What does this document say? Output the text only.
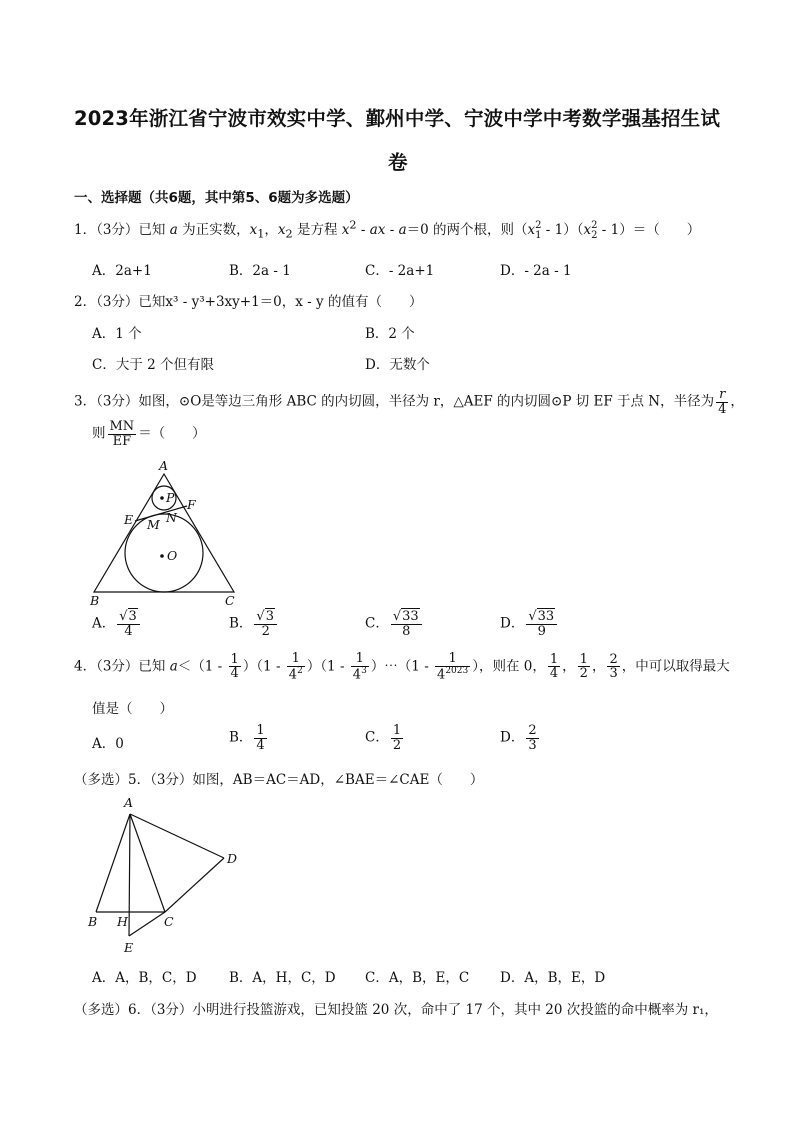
2023年浙江省宁波市效实中学、鄞州中学、宁波中学中考数学强基招生试
卷
一、选择题（共6题，其中第5、6题为多选题）
1．（3分）已知 a 为正实数，$x_1$，$x_2$ 是方程 $x^2$ - ax - a＝0 的两个根，则（x 2
1 - 1）（x 2
2 - 1）＝（　　）
A．2a+1	B．2a - 1	C．- 2a+1	D．- 2a - 1
2．（3分）已知x³ - y³+3xy+1＝0，x - y 的值有（　　）
A．1 个	B．2 个
C．大于 2 个但有限	D．无数个
3．（3分）如图，⊙O是等边三角形 ABC 的内切圆，半径为 r，△AEF 的内切圆⊙P 切 EF 于点 N，半径为 $\frac{r}{4}$ ，
则 $\frac{MN}{EF}$ ＝（　　）
A
P F
E M N
O
B	C
A． $\frac{√3}{4}$	B． $\frac{√3}{2}$	C． $\frac{√33}{8}$	D． $\frac{√33}{9}$
4．（3分）已知 $a<(1 - \frac{1}{4} )(1 - \frac{1}{4^2} )(1 - \frac{1}{4^3}$ ）⋯（1 - $\frac{1}{4^{2023}}$ ），则在 0， $\frac{1}{4}$ ， $\frac{1}{2}$ ， $\frac{2}{3}$ ，中可以取得最大
值是（　　）
A．0	B． $\frac{1}{4}$	C． $\frac{1}{2}$	D． $\frac{2}{3}$
（多选）5．（3分）如图，AB＝AC＝AD，∠BAE＝∠CAE（　　）
A
D
B H	C
E
A．A，B，C，D B．A，H，C，D C．A，B，E，C D．A，B，E，D
（多选）6．（3分）小明进行投篮游戏，已知投篮 20 次，命中了 17 个，其中 20 次投篮的命中概率为 r₁，
